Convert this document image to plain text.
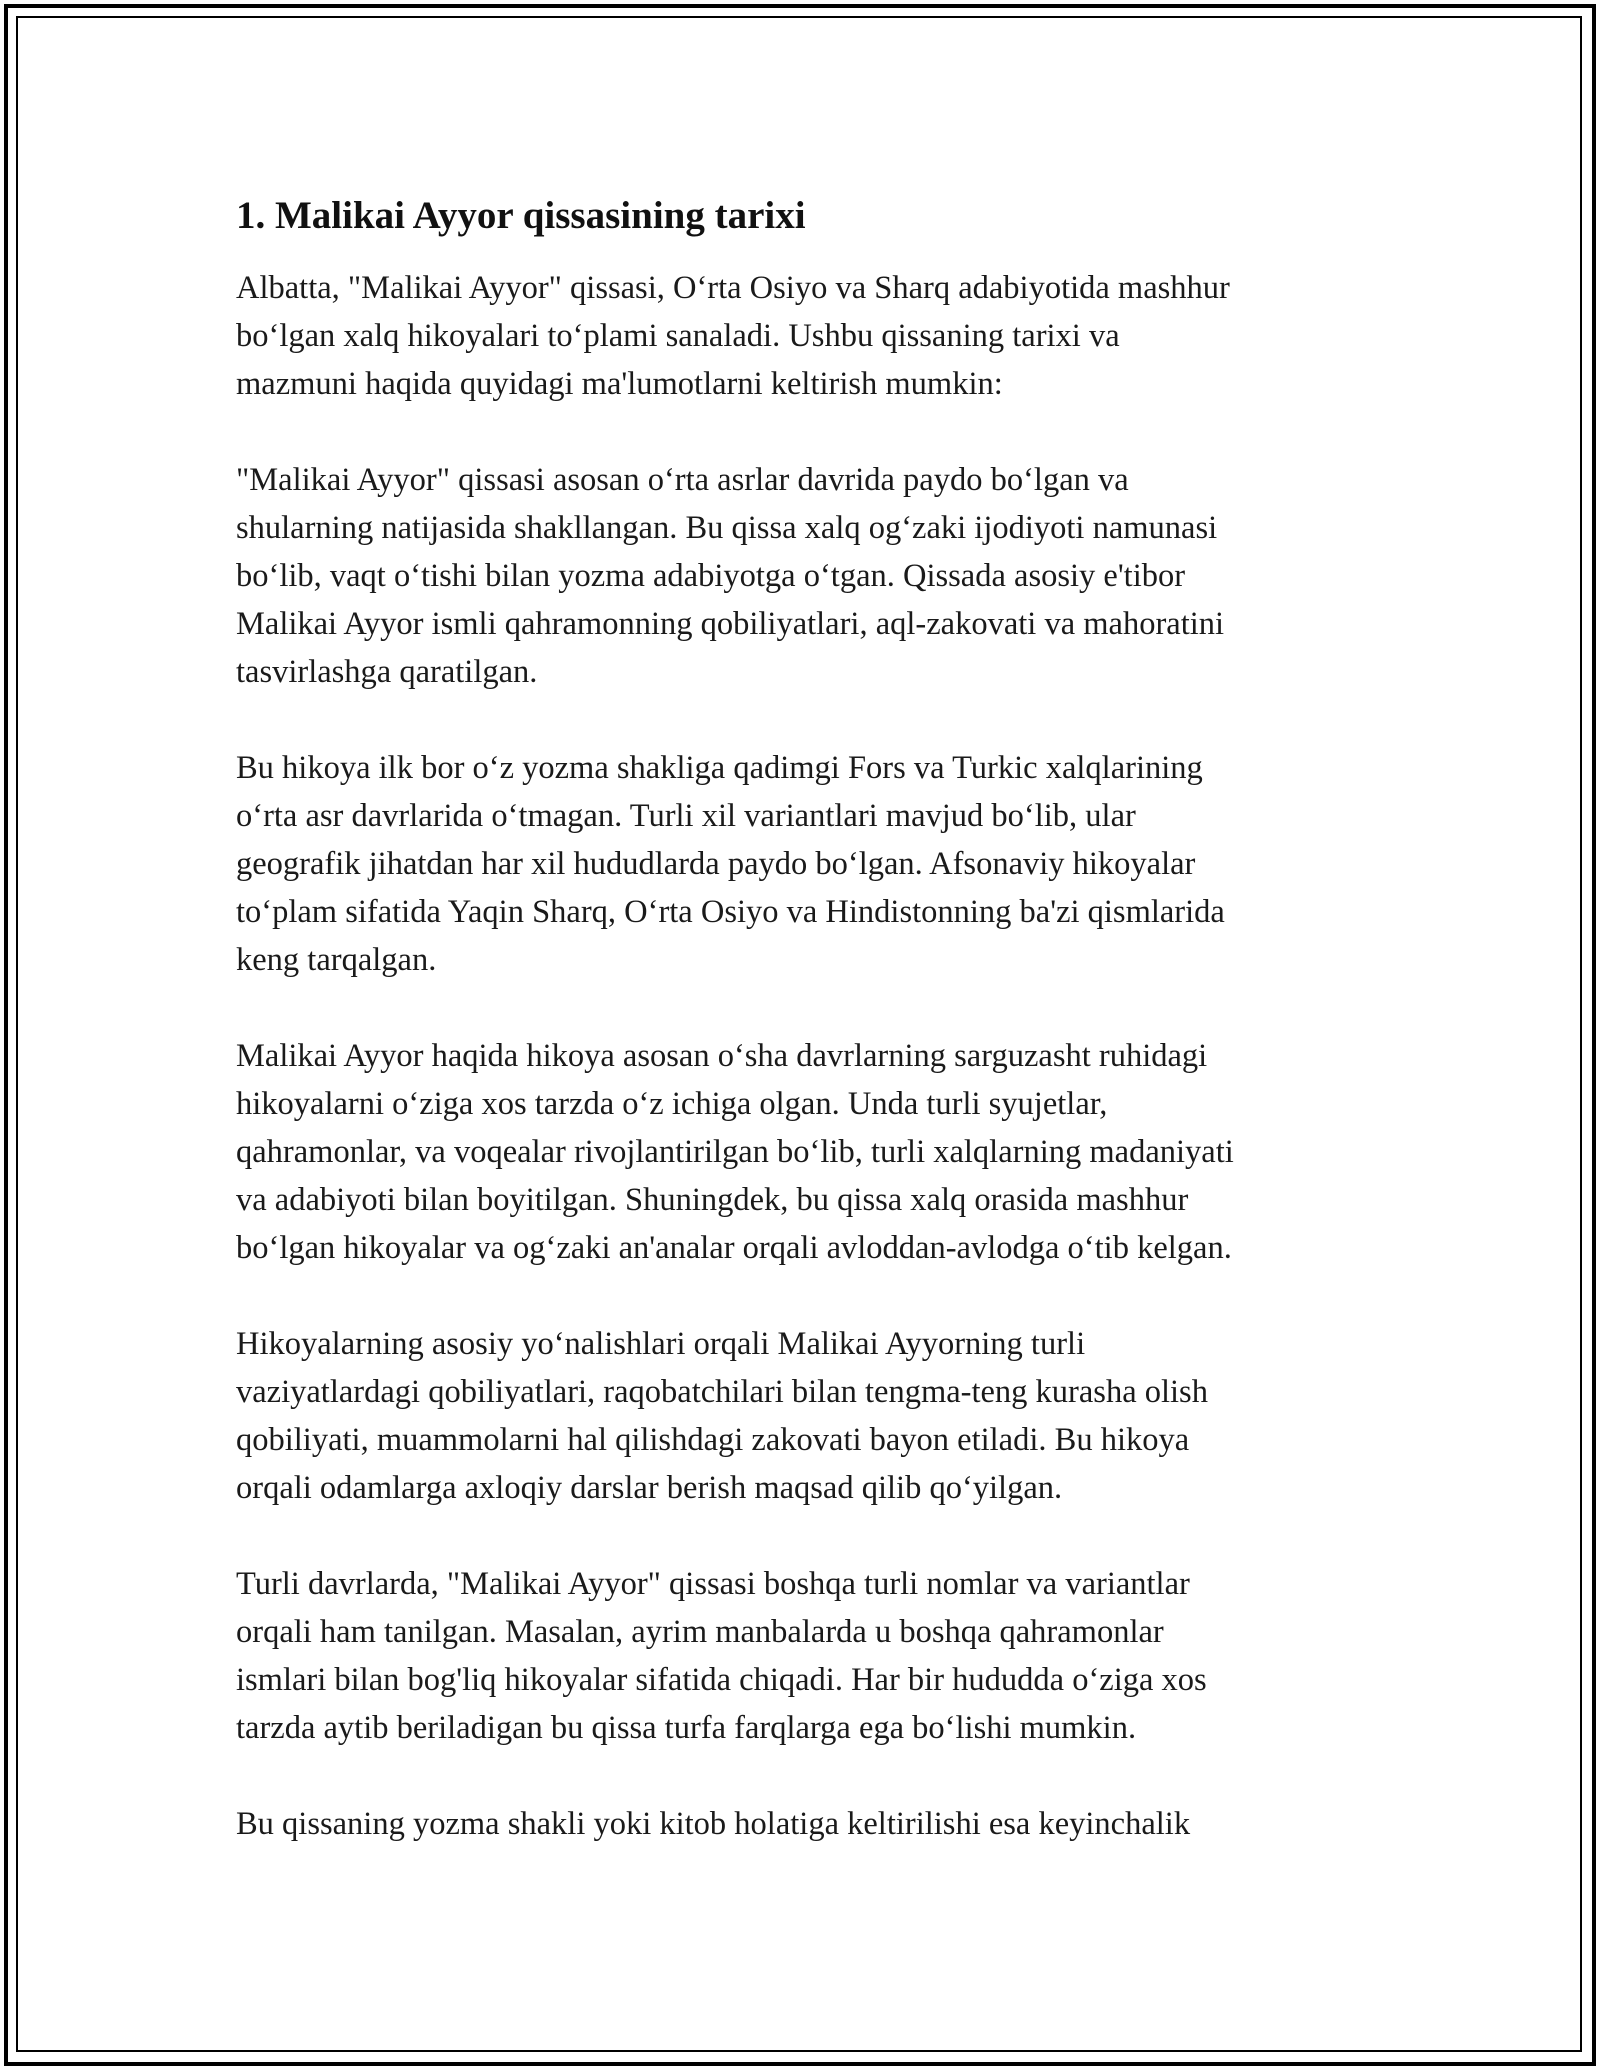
1. Malikai Ayyor qissasining tarixi
Albatta, "Malikai Ayyor" qissasi, O‘rta Osiyo va Sharq adabiyotida mashhur
bo‘lgan xalq hikoyalari to‘plami sanaladi. Ushbu qissaning tarixi va
mazmuni haqida quyidagi ma'lumotlarni keltirish mumkin:
"Malikai Ayyor" qissasi asosan o‘rta asrlar davrida paydo bo‘lgan va
shularning natijasida shakllangan. Bu qissa xalq og‘zaki ijodiyoti namunasi
bo‘lib, vaqt o‘tishi bilan yozma adabiyotga o‘tgan. Qissada asosiy e'tibor
Malikai Ayyor ismli qahramonning qobiliyatlari, aql-zakovati va mahoratini
tasvirlashga qaratilgan.
Bu hikoya ilk bor o‘z yozma shakliga qadimgi Fors va Turkic xalqlarining
o‘rta asr davrlarida o‘tmagan. Turli xil variantlari mavjud bo‘lib, ular
geografik jihatdan har xil hududlarda paydo bo‘lgan. Afsonaviy hikoyalar
to‘plam sifatida Yaqin Sharq, O‘rta Osiyo va Hindistonning ba'zi qismlarida
keng tarqalgan.
Malikai Ayyor haqida hikoya asosan o‘sha davrlarning sarguzasht ruhidagi
hikoyalarni o‘ziga xos tarzda o‘z ichiga olgan. Unda turli syujetlar,
qahramonlar, va voqealar rivojlantirilgan bo‘lib, turli xalqlarning madaniyati
va adabiyoti bilan boyitilgan. Shuningdek, bu qissa xalq orasida mashhur
bo‘lgan hikoyalar va og‘zaki an'analar orqali avloddan-avlodga o‘tib kelgan.
Hikoyalarning asosiy yo‘nalishlari orqali Malikai Ayyorning turli
vaziyatlardagi qobiliyatlari, raqobatchilari bilan tengma-teng kurasha olish
qobiliyati, muammolarni hal qilishdagi zakovati bayon etiladi. Bu hikoya
orqali odamlarga axloqiy darslar berish maqsad qilib qo‘yilgan.
Turli davrlarda, "Malikai Ayyor" qissasi boshqa turli nomlar va variantlar
orqali ham tanilgan. Masalan, ayrim manbalarda u boshqa qahramonlar
ismlari bilan bog'liq hikoyalar sifatida chiqadi. Har bir hududda o‘ziga xos
tarzda aytib beriladigan bu qissa turfa farqlarga ega bo‘lishi mumkin.
Bu qissaning yozma shakli yoki kitob holatiga keltirilishi esa keyinchalik
